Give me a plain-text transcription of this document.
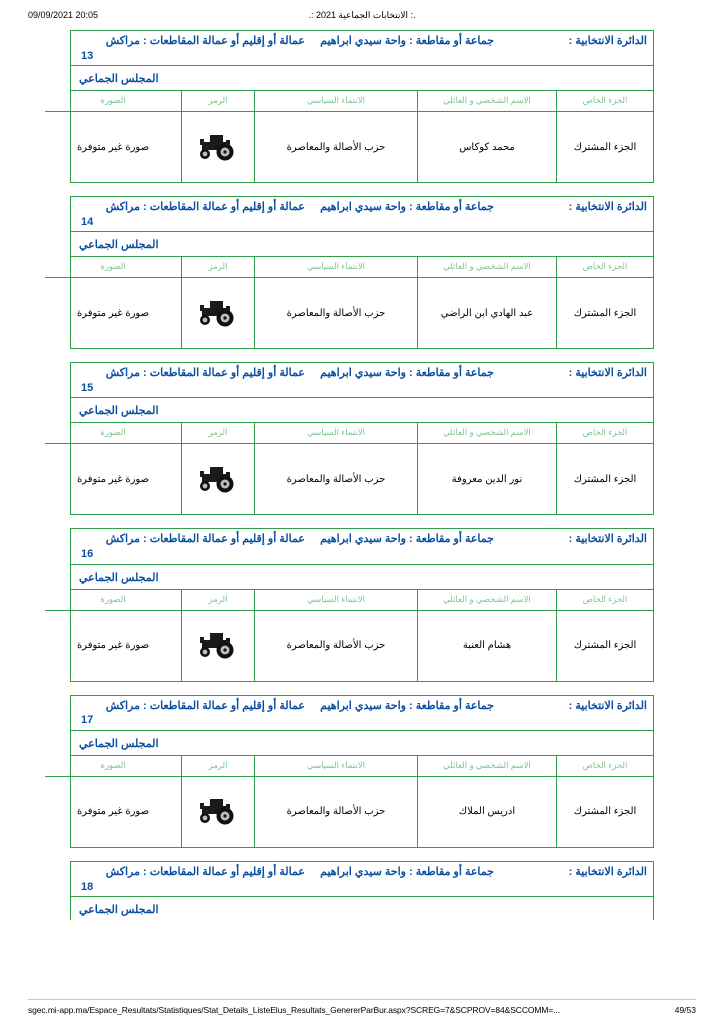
09/09/2021 20:05	.: الانتخابات الجماعية 2021 :.
الدائرة الانتخابية : جماعة أو مقاطعة : واحة سيدي ابراهيم     عمالة أو إقليم أو عمالة المقاطعات : مراكش
13
المجلس الجماعي
الجزء الخاص	الاسم الشخصي و العائلي	الانتماء السياسي	الرمز	الصورة
الجزء المشترك	محمد كوكاس	حزب الأصالة والمعاصرة		صورة غير متوفرة
الدائرة الانتخابية : جماعة أو مقاطعة : واحة سيدي ابراهيم     عمالة أو إقليم أو عمالة المقاطعات : مراكش
14
المجلس الجماعي
الجزء الخاص	الاسم الشخصي و العائلي	الانتماء السياسي	الرمز	الصورة
الجزء المشترك	عبد الهادي ابن الراضي	حزب الأصالة والمعاصرة		صورة غير متوفرة
الدائرة الانتخابية : جماعة أو مقاطعة : واحة سيدي ابراهيم     عمالة أو إقليم أو عمالة المقاطعات : مراكش
15
المجلس الجماعي
الجزء الخاص	الاسم الشخصي و العائلي	الانتماء السياسي	الرمز	الصورة
الجزء المشترك	نور الدين معروفة	حزب الأصالة والمعاصرة		صورة غير متوفرة
الدائرة الانتخابية : جماعة أو مقاطعة : واحة سيدي ابراهيم     عمالة أو إقليم أو عمالة المقاطعات : مراكش
16
المجلس الجماعي
الجزء الخاص	الاسم الشخصي و العائلي	الانتماء السياسي	الرمز	الصورة
الجزء المشترك	هشام العنبة	حزب الأصالة والمعاصرة		صورة غير متوفرة
الدائرة الانتخابية : جماعة أو مقاطعة : واحة سيدي ابراهيم     عمالة أو إقليم أو عمالة المقاطعات : مراكش
17
المجلس الجماعي
الجزء الخاص	الاسم الشخصي و العائلي	الانتماء السياسي	الرمز	الصورة
الجزء المشترك	ادريس الملاك	حزب الأصالة والمعاصرة		صورة غير متوفرة
الدائرة الانتخابية : جماعة أو مقاطعة : واحة سيدي ابراهيم     عمالة أو إقليم أو عمالة المقاطعات : مراكش
18
المجلس الجماعي
sgec.mi-app.ma/Espace_Resultats/Statistiques/Stat_Details_ListeElus_Resultats_GenererParBur.aspx?SCREG=7&SCPROV=84&SCCOMM=...	49/53
